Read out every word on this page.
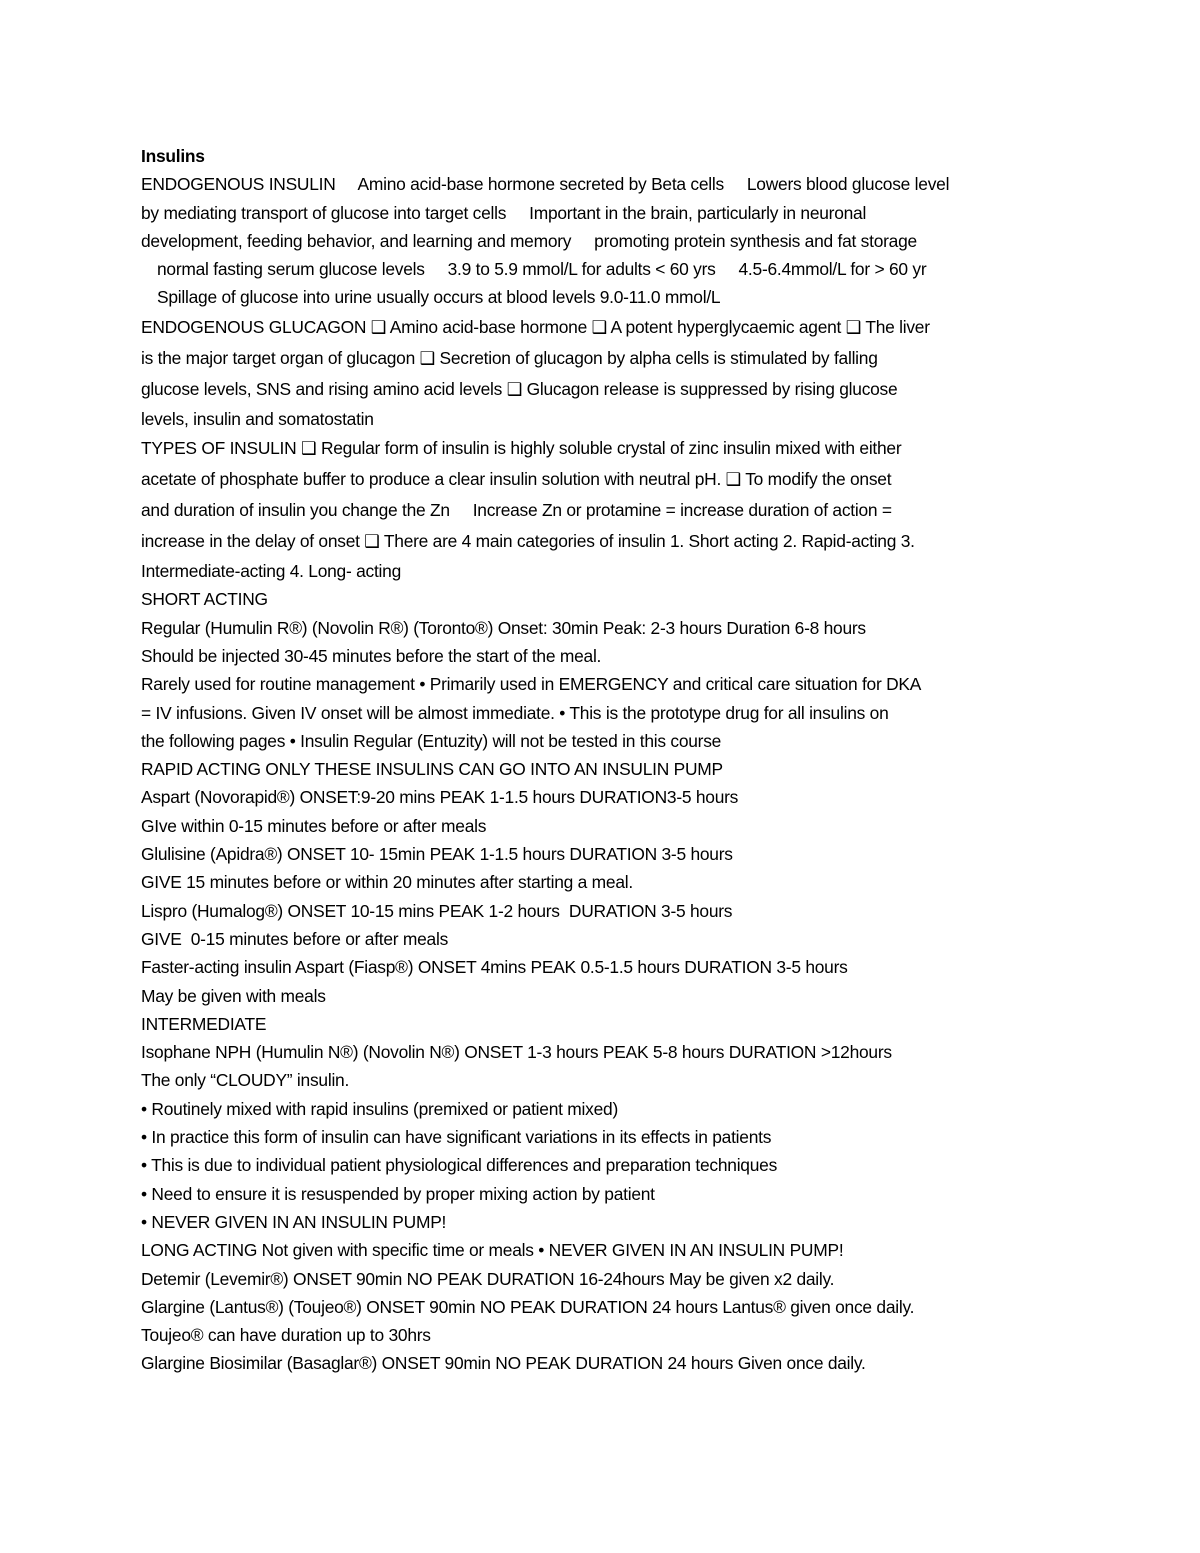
Insulins
ENDOGENOUS INSULIN     Amino acid-base hormone secreted by Beta cells     Lowers blood glucose level
by mediating transport of glucose into target cells     Important in the brain, particularly in neuronal
development, feeding behavior, and learning and memory     promoting protein synthesis and fat storage
normal fasting serum glucose levels     3.9 to 5.9 mmol/L for adults < 60 yrs     4.5-6.4mmol/L for > 60 yr
Spillage of glucose into urine usually occurs at blood levels 9.0-11.0 mmol/L
ENDOGENOUS GLUCAGON ❑ Amino acid-base hormone ❑ A potent hyperglycaemic agent ❑ The liver
is the major target organ of glucagon ❑ Secretion of glucagon by alpha cells is stimulated by falling
glucose levels, SNS and rising amino acid levels ❑ Glucagon release is suppressed by rising glucose
levels, insulin and somatostatin
TYPES OF INSULIN ❑ Regular form of insulin is highly soluble crystal of zinc insulin mixed with either
acetate of phosphate buffer to produce a clear insulin solution with neutral pH. ❑ To modify the onset
and duration of insulin you change the Zn     Increase Zn or protamine = increase duration of action =
increase in the delay of onset ❑ There are 4 main categories of insulin 1. Short acting 2. Rapid-acting 3.
Intermediate-acting 4. Long- acting
SHORT ACTING
Regular (Humulin R®) (Novolin R®) (Toronto®) Onset: 30min Peak: 2-3 hours Duration 6-8 hours
Should be injected 30-45 minutes before the start of the meal.
Rarely used for routine management • Primarily used in EMERGENCY and critical care situation for DKA
= IV infusions. Given IV onset will be almost immediate. • This is the prototype drug for all insulins on
the following pages • Insulin Regular (Entuzity) will not be tested in this course
RAPID ACTING ONLY THESE INSULINS CAN GO INTO AN INSULIN PUMP
Aspart (Novorapid®) ONSET:9-20 mins PEAK 1-1.5 hours DURATION3-5 hours
GIve within 0-15 minutes before or after meals
Glulisine (Apidra®) ONSET 10- 15min PEAK 1-1.5 hours DURATION 3-5 hours
GIVE 15 minutes before or within 20 minutes after starting a meal.
Lispro (Humalog®) ONSET 10-15 mins PEAK 1-2 hours  DURATION 3-5 hours
GIVE  0-15 minutes before or after meals
Faster-acting insulin Aspart (Fiasp®) ONSET 4mins PEAK 0.5-1.5 hours DURATION 3-5 hours
May be given with meals
INTERMEDIATE
Isophane NPH (Humulin N®) (Novolin N®) ONSET 1-3 hours PEAK 5-8 hours DURATION >12hours
The only “CLOUDY” insulin.
• Routinely mixed with rapid insulins (premixed or patient mixed)
• In practice this form of insulin can have significant variations in its effects in patients
• This is due to individual patient physiological differences and preparation techniques
• Need to ensure it is resuspended by proper mixing action by patient
• NEVER GIVEN IN AN INSULIN PUMP!
LONG ACTING Not given with specific time or meals • NEVER GIVEN IN AN INSULIN PUMP!
Detemir (Levemir®) ONSET 90min NO PEAK DURATION 16-24hours May be given x2 daily.
Glargine (Lantus®) (Toujeo®) ONSET 90min NO PEAK DURATION 24 hours Lantus® given once daily.
Toujeo® can have duration up to 30hrs
Glargine Biosimilar (Basaglar®) ONSET 90min NO PEAK DURATION 24 hours Given once daily.
